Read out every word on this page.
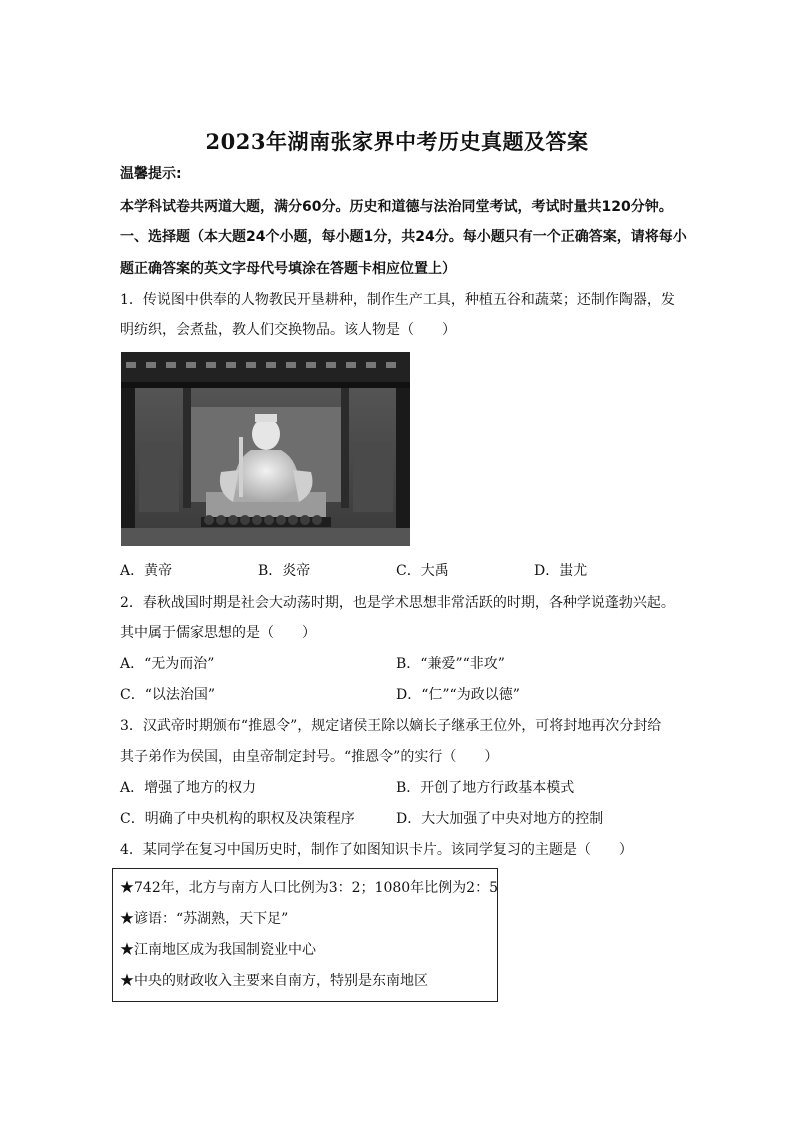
2023年湖南张家界中考历史真题及答案
温馨提示:
本学科试卷共两道大题，满分60分。历史和道德与法治同堂考试，考试时量共120分钟。
一、选择题（本大题24个小题，每小题1分，共24分。每小题只有一个正确答案，请将每小
题正确答案的英文字母代号填涂在答题卡相应位置上）
1．传说图中供奉的人物教民开垦耕种，制作生产工具，种植五谷和蔬菜；还制作陶器，发
明纺织，会煮盐，教人们交换物品。该人物是（　　）
A．黄帝	B．炎帝	C．大禹	D．蚩尤
2．春秋战国时期是社会大动荡时期，也是学术思想非常活跃的时期，各种学说蓬勃兴起。
其中属于儒家思想的是（　　）
A．“无为而治”	B．“兼爱”“非攻”
C．“以法治国”	D．“仁”“为政以德”
3．汉武帝时期颁布“推恩令”，规定诸侯王除以嫡长子继承王位外，可将封地再次分封给
其子弟作为侯国，由皇帝制定封号。“推恩令”的实行（　　）
A．增强了地方的权力	B．开创了地方行政基本模式
C．明确了中央机构的职权及决策程序	D．大大加强了中央对地方的控制
4．某同学在复习中国历史时，制作了如图知识卡片。该同学复习的主题是（　　）
★742年，北方与南方人口比例为3：2；1080年比例为2：5
★谚语：“苏湖熟，天下足”
★江南地区成为我国制瓷业中心
★中央的财政收入主要来自南方，特别是东南地区
